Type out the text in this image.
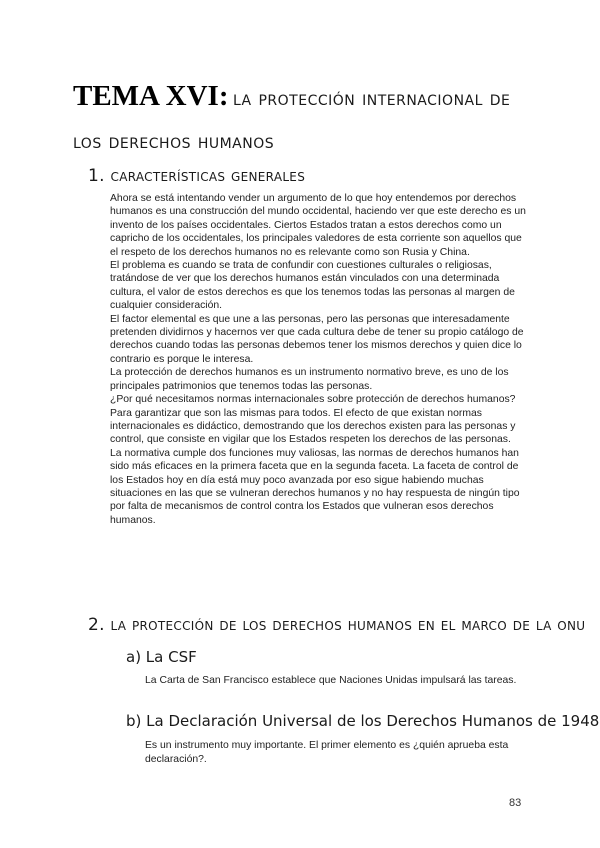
TEMA XVI: la protección internacional de los derechos humanos
1. características generales

Ahora se está intentando vender un argumento de lo que hoy entendemos por derechos humanos es una construcción del mundo occidental, haciendo ver que este derecho es un invento de los países occidentales. Ciertos Estados tratan a estos derechos como un capricho de los occidentales, los principales valedores de esta corriente son aquellos que el respeto de los derechos humanos no es relevante como son Rusia y China.

El problema es cuando se trata de confundir con cuestiones culturales o religiosas, tratándose de ver que los derechos humanos están vinculados con una determinada cultura, el valor de estos derechos es que los tenemos todas las personas al margen de cualquier consideración.

El factor elemental es que une a las personas, pero las personas que interesadamente pretenden dividirnos y hacernos ver que cada cultura debe de tener su propio catálogo de derechos cuando todas las personas debemos tener los mismos derechos y quien dice lo contrario es porque le interesa.

La protección de derechos humanos es un instrumento normativo breve, es uno de los principales patrimonios que tenemos todas las personas.

¿Por qué necesitamos normas internacionales sobre protección de derechos humanos?

Para garantizar que son las mismas para todos. El efecto de que existan normas internacionales es didáctico, demostrando que los derechos existen para las personas y control, que consiste en vigilar que los Estados respeten los derechos de las personas.

La normativa cumple dos funciones muy valiosas, las normas de derechos humanos han sido más eficaces en la primera faceta que en la segunda faceta. La faceta de control de los Estados hoy en día está muy poco avanzada por eso sigue habiendo muchas situaciones en las que se vulneran derechos humanos y no hay respuesta de ningún tipo por falta de mecanismos de control contra los Estados que vulneran esos derechos humanos.

2. la protección de los derechos humanos en el marco de la onu
a) La CSF

La Carta de San Francisco establece que Naciones Unidas impulsará las tareas.

b) La Declaración Universal de los Derechos Humanos de 1948

Es un instrumento muy importante. El primer elemento es ¿quién aprueba esta declaración?.

83
